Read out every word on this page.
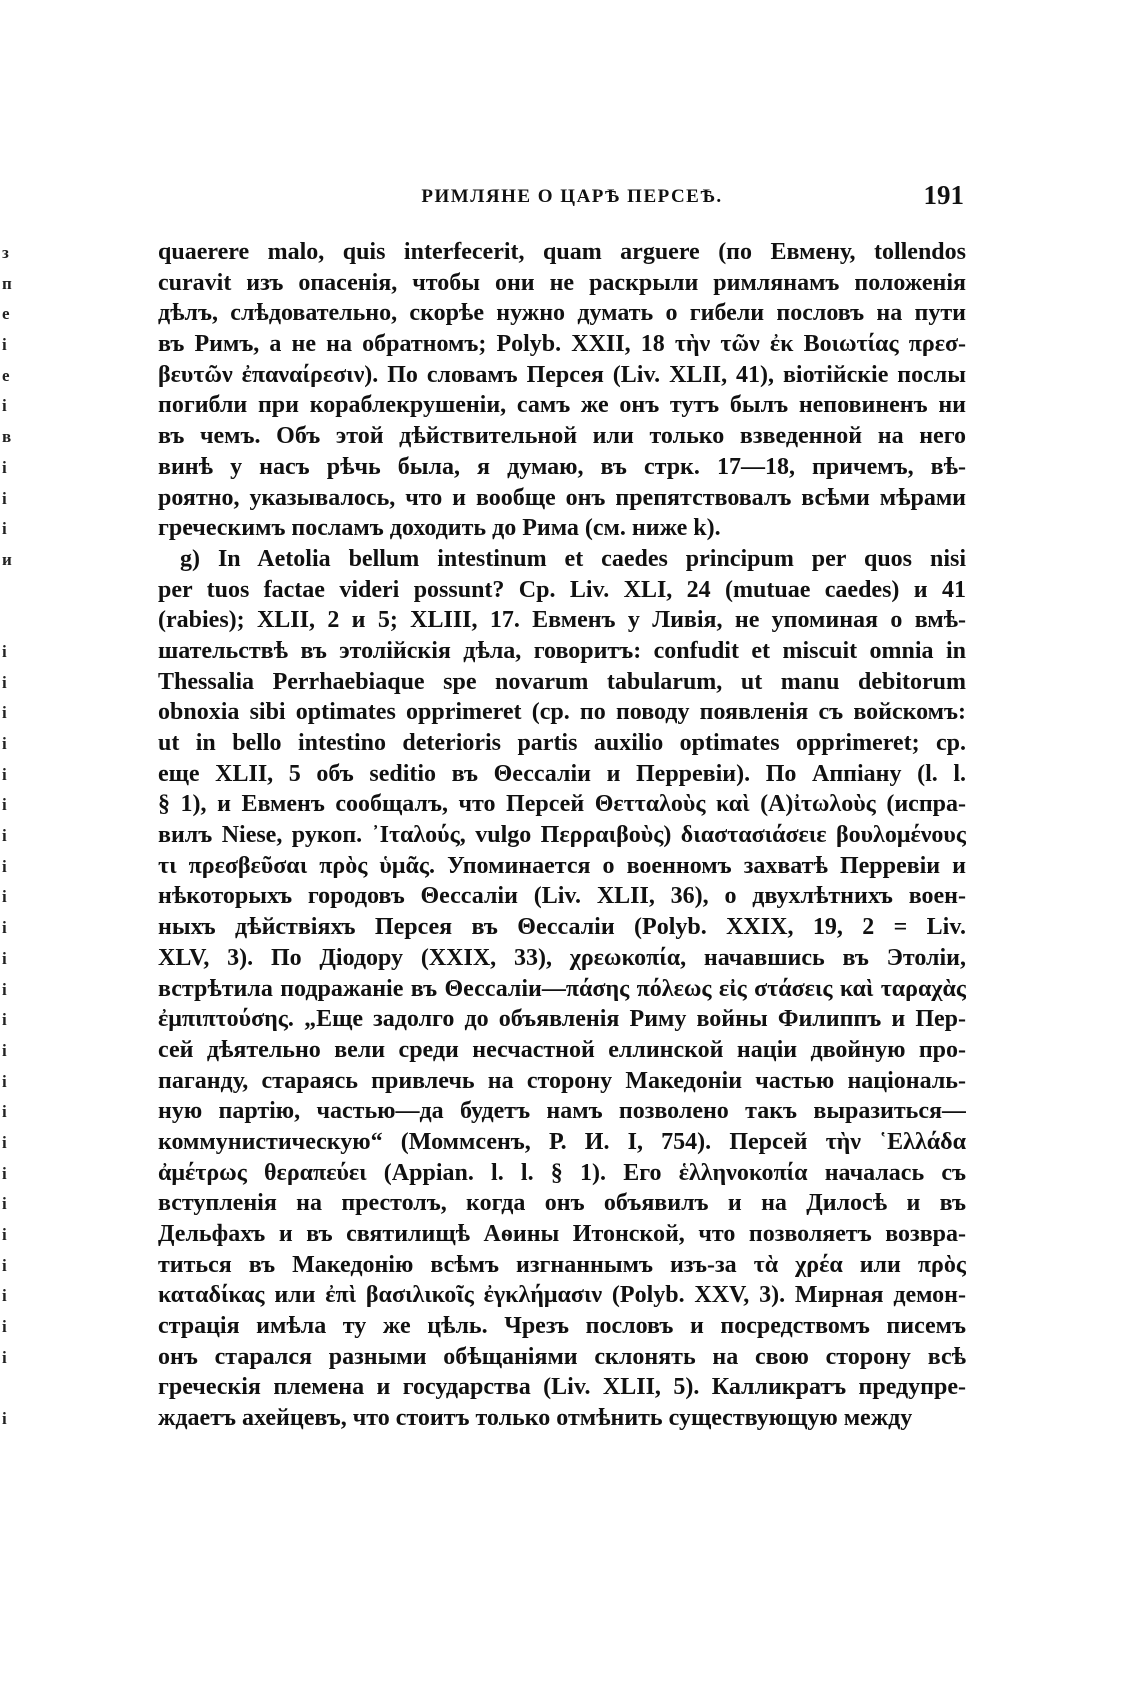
РИМЛЯНЕ О ЦАРѢ ПЕРСЕѢ.	191
з
п
е
і
е
і
в
і
і
і
и
і
і
і
і
і
і
і
і
і
і
і
і
і
і
і
і
і
і
і
і
і
і
і
і
і
quaerere malo, quis interfecerit, quam arguere (по Евмену, tollendos
curavit изъ опасенія, чтобы они не раскрыли римлянамъ положенія
дѣлъ, слѣдовательно, скорѣе нужно думать о гибели пословъ на пути
въ Римъ, а не на обратномъ; Polyb. XXII, 18 τὴν τῶν ἐκ Βοιωτίας πρεσ-
βευτῶν ἐπαναίρεσιν). По словамъ Персея (Liv. XLII, 41), віотійскіе послы
погибли при кораблекрушеніи, самъ же онъ тутъ былъ неповиненъ ни
въ чемъ. Объ этой дѣйствительной или только взведенной на него
винѣ у насъ рѣчь была, я думаю, въ стрк. 17—18, причемъ, вѣ-
роятно, указывалось, что и вообще онъ препятствовалъ всѣми мѣрами
греческимъ посламъ доходить до Рима (см. ниже k).
g) In Aetolia bellum intestinum et caedes principum per quos nisi
per tuos factae videri possunt? Cp. Liv. XLI, 24 (mutuae caedes) и 41
(rabies); XLII, 2 и 5; XLIII, 17. Евменъ у Ливія, не упоминая о вмѣ-
шательствѣ въ этолійскія дѣла, говоритъ: confudit et miscuit omnia in
Thessalia Perrhaebiaque spe novarum tabularum, ut manu debitorum
obnoxia sibi optimates opprimeret (ср. по поводу появленія съ войскомъ:
ut in bello intestino deterioris partis auxilio optimates opprimeret; ср.
еще XLII, 5 объ seditio въ Θессаліи и Перревіи). По Аппіану (l. l.
§ 1), и Евменъ сообщалъ, что Персей Θετταλοὺς καὶ (Α)ἰτωλοὺς (испра-
вилъ Niese, рукоп. ᾿Ιταλούς, vulgo Περραιβοὺς) διαστασιάσειε βουλομένους
τι πρεσβεῦσαι πρὸς ὑμᾶς. Упоминается о военномъ захватѣ Перревіи и
нѣкоторыхъ городовъ Θессаліи (Liv. XLII, 36), о двухлѣтнихъ воен-
ныхъ дѣйствіяхъ Персея въ Θессаліи (Polyb. XXIX, 19, 2 = Liv.
XLV, 3). По Діодору (XXIX, 33), χρεωκοπία, начавшись въ Этоліи,
встрѣтила подражаніе въ Θессаліи—πάσης πόλεως εἰς στάσεις καὶ ταραχὰς
ἐμπιπτούσης. „Еще задолго до объявленія Риму войны Филиппъ и Пер-
сей дѣятельно вели среди несчастной еллинской націи двойную про-
паганду, стараясь привлечь на сторону Македоніи частью національ-
ную партію, частью—да будетъ намъ позволено такъ выразиться—
коммунистическую“ (Моммсенъ, Р. И. I, 754). Персей τὴν ῾Ελλάδα
ἀμέτρως θεραπεύει (Appian. l. l. § 1). Его ἑλληνοκοπία началась съ
вступленія на престолъ, когда онъ объявилъ и на Дилосѣ и въ
Дельфахъ и въ святилищѣ Аѳины Итонской, что позволяетъ возвра-
титься въ Македонію всѣмъ изгнаннымъ изъ-за τὰ χρέα или πρὸς
καταδίκας или ἐπὶ βασιλικοῖς ἐγκλήμασιν (Polyb. XXV, 3). Мирная демон-
страція имѣла ту же цѣль. Чрезъ пословъ и посредствомъ писемъ
онъ старался разными обѣщаніями склонять на свою сторону всѣ
греческія племена и государства (Liv. XLII, 5). Калликратъ предупре-
ждаетъ ахейцевъ, что стоитъ только отмѣнить существующую между
